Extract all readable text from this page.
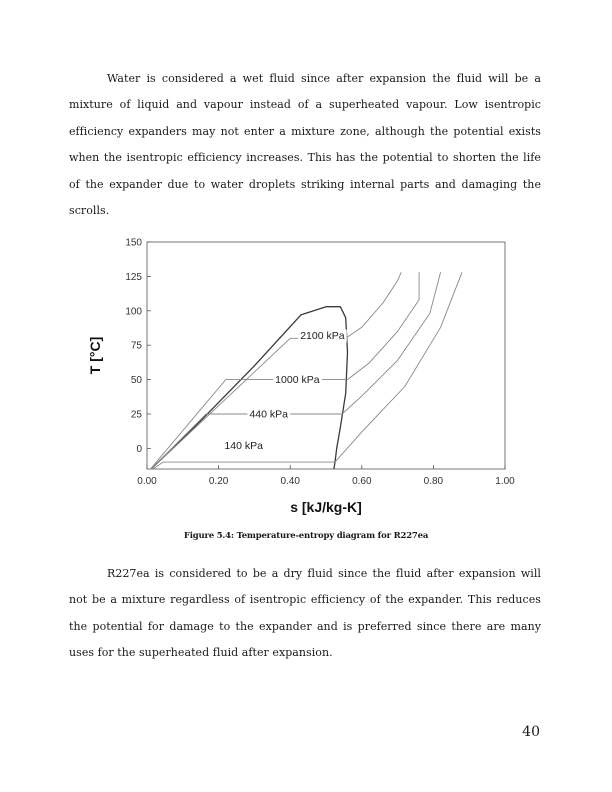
Water is considered a wet fluid since after expansion the fluid will be a mixture of liquid and vapour instead of a superheated vapour. Low isentropic efficiency expanders may not enter a mixture zone, although the potential exists when the isentropic efficiency increases. This has the potential to shorten the life of the expander due to water droplets striking internal parts and damaging the scrolls.

0.00	0.20	0.40	0.60	0.80	1.00
0
25
50
75
100
125
150
s [kJ/kg-K]
T [°C]
2100 kPa
1000 kPa
440 kPa
140 kPa

Figure 5.4: Temperature-entropy diagram for R227ea

R227ea is considered to be a dry fluid since the fluid after expansion will not be a mixture regardless of isentropic efficiency of the expander. This reduces the potential for damage to the expander and is preferred since there are many uses for the superheated fluid after expansion.

40
